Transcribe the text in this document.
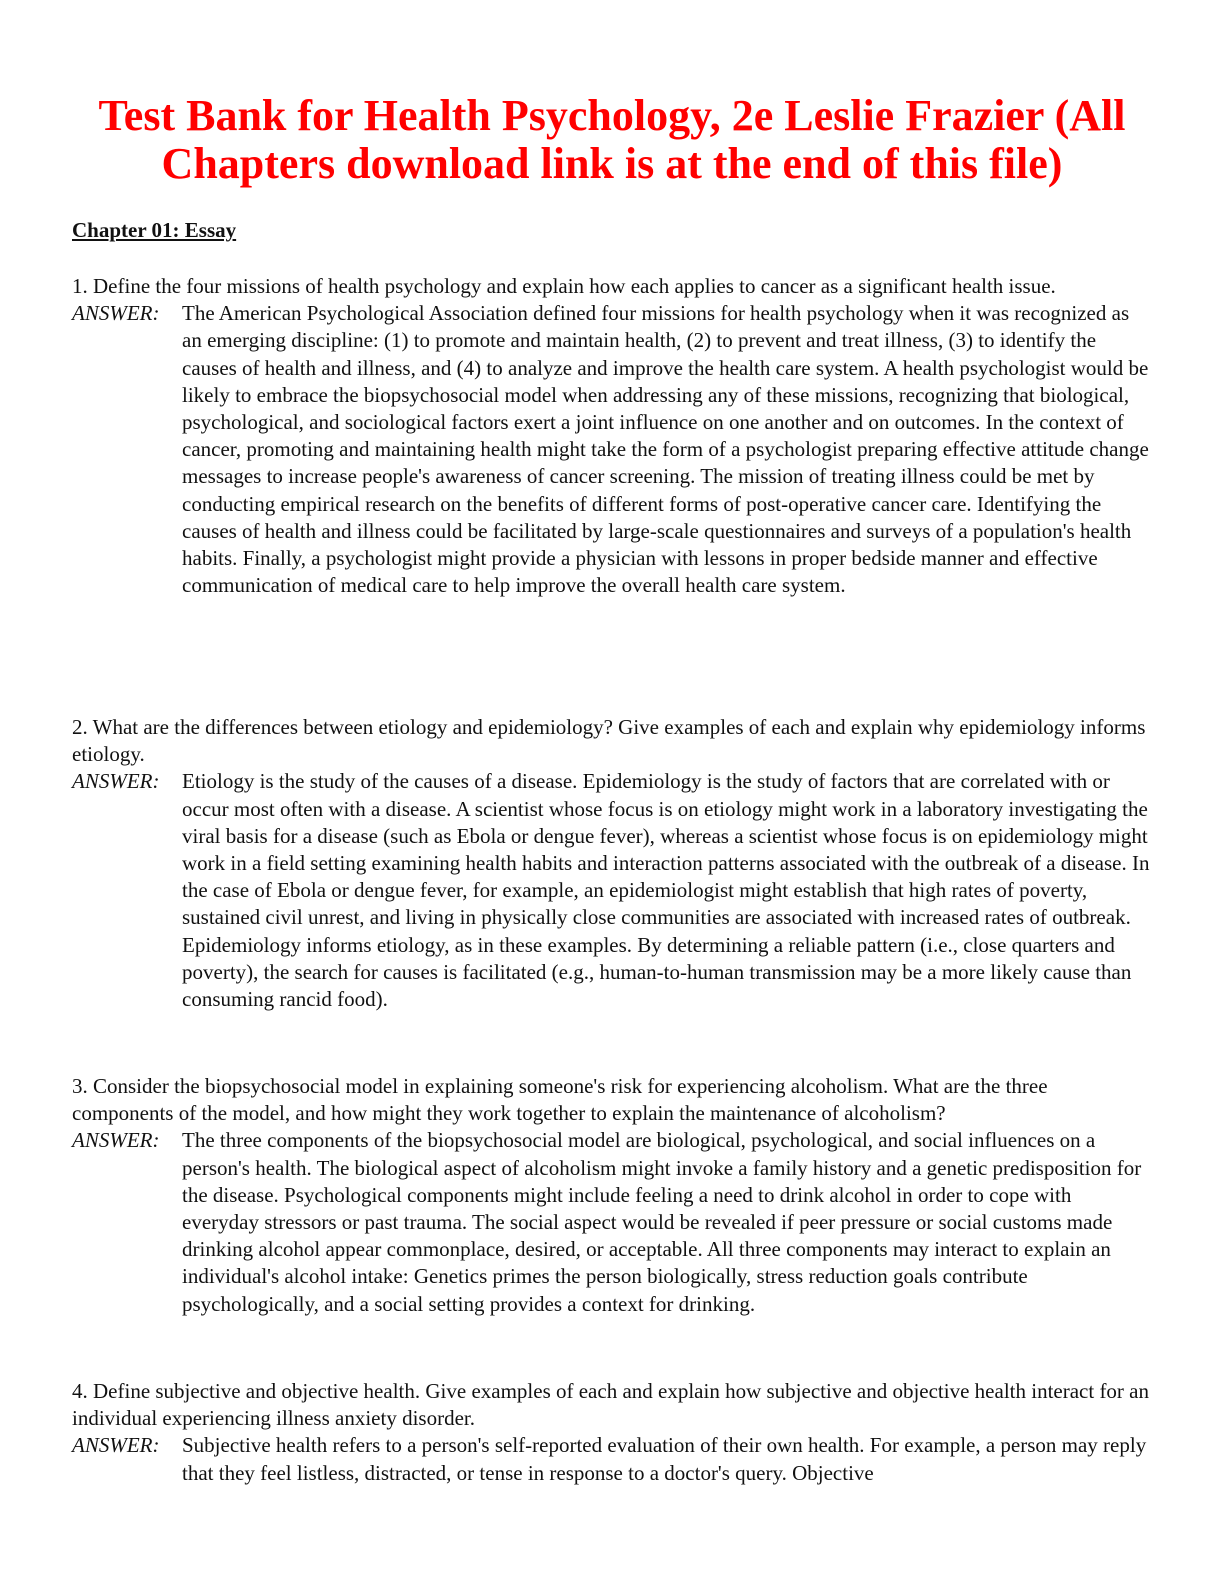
Test Bank for Health Psychology, 2e Leslie Frazier (All Chapters download link is at the end of this file)
Chapter 01: Essay

1. Define the four missions of health psychology and explain how each applies to cancer as a significant health issue.

ANSWER: The American Psychological Association defined four missions for health psychology when it was recognized as an emerging discipline: (1) to promote and maintain health, (2) to prevent and treat illness, (3) to identify the causes of health and illness, and (4) to analyze and improve the health care system. A health psychologist would be likely to embrace the biopsychosocial model when addressing any of these missions, recognizing that biological, psychological, and sociological factors exert a joint influence on one another and on outcomes. In the context of cancer, promoting and maintaining health might take the form of a psychologist preparing effective attitude change messages to increase people's awareness of cancer screening. The mission of treating illness could be met by conducting empirical research on the benefits of different forms of post-operative cancer care. Identifying the causes of health and illness could be facilitated by large-scale questionnaires and surveys of a population's health habits. Finally, a psychologist might provide a physician with lessons in proper bedside manner and effective communication of medical care to help improve the overall health care system.

2. What are the differences between etiology and epidemiology? Give examples of each and explain why epidemiology informs etiology.

ANSWER: Etiology is the study of the causes of a disease. Epidemiology is the study of factors that are correlated with or occur most often with a disease. A scientist whose focus is on etiology might work in a laboratory investigating the viral basis for a disease (such as Ebola or dengue fever), whereas a scientist whose focus is on epidemiology might work in a field setting examining health habits and interaction patterns associated with the outbreak of a disease. In the case of Ebola or dengue fever, for example, an epidemiologist might establish that high rates of poverty, sustained civil unrest, and living in physically close communities are associated with increased rates of outbreak. Epidemiology informs etiology, as in these examples. By determining a reliable pattern (i.e., close quarters and poverty), the search for causes is facilitated (e.g., human-to-human transmission may be a more likely cause than consuming rancid food).

3. Consider the biopsychosocial model in explaining someone's risk for experiencing alcoholism. What are the three components of the model, and how might they work together to explain the maintenance of alcoholism?

ANSWER: The three components of the biopsychosocial model are biological, psychological, and social influences on a person's health. The biological aspect of alcoholism might invoke a family history and a genetic predisposition for the disease. Psychological components might include feeling a need to drink alcohol in order to cope with everyday stressors or past trauma. The social aspect would be revealed if peer pressure or social customs made drinking alcohol appear commonplace, desired, or acceptable. All three components may interact to explain an individual's alcohol intake: Genetics primes the person biologically, stress reduction goals contribute psychologically, and a social setting provides a context for drinking.

4. Define subjective and objective health. Give examples of each and explain how subjective and objective health interact for an individual experiencing illness anxiety disorder.

ANSWER: Subjective health refers to a person's self-reported evaluation of their own health. For example, a person may reply that they feel listless, distracted, or tense in response to a doctor's query. Objective
